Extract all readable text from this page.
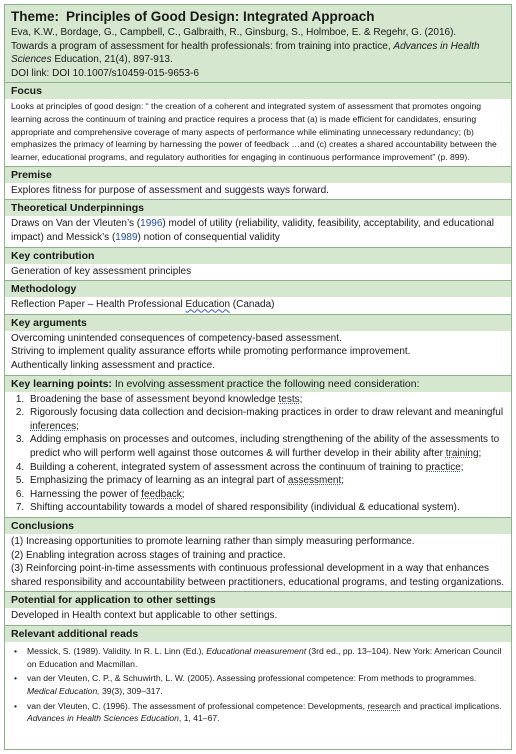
Theme: Principles of Good Design: Integrated Approach

Eva, K.W., Bordage, G., Campbell, C., Galbraith, R., Ginsburg, S., Holmboe, E. & Regehr, G. (2016).

Towards a program of assessment for health professionals: from training into practice, Advances in Health Sciences Education, 21(4), 897-913.

DOI link: DOI 10.1007/s10459-015-9653-6

Focus

Looks at principles of good design: “ the creation of a coherent and integrated system of assessment that promotes ongoing learning across the continuum of training and practice requires a process that (a) is made efficient for candidates, ensuring appropriate and comprehensive coverage of many aspects of performance while eliminating unnecessary redundancy; (b) emphasizes the primacy of learning by harnessing the power of feedback …and (c) creates a shared accountability between the learner, educational programs, and regulatory authorities for engaging in continuous performance improvement” (p. 899).

Premise

Explores fitness for purpose of assessment and suggests ways forward.

Theoretical Underpinnings

Draws on Van der Vleuten’s (1996) model of utility (reliability, validity, feasibility, acceptability, and educational impact) and Messick’s (1989) notion of consequential validity

Key contribution

Generation of key assessment principles

Methodology

Reflection Paper – Health Professional Education (Canada)

Key arguments

Overcoming unintended consequences of competency-based assessment.

Striving to implement quality assurance efforts while promoting performance improvement.

Authentically linking assessment and practice.

Key learning points: In evolving assessment practice the following need consideration:
1. Broadening the base of assessment beyond knowledge tests;
2. Rigorously focusing data collection and decision-making practices in order to draw relevant and meaningful inferences;
3. Adding emphasis on processes and outcomes, including strengthening of the ability of the assessments to predict who will perform well against those outcomes & will further develop in their ability after training;
4. Building a coherent, integrated system of assessment across the continuum of training to practice;
5. Emphasizing the primacy of learning as an integral part of assessment;
6. Harnessing the power of feedback;
7. Shifting accountability towards a model of shared responsibility (individual & educational system).
Conclusions

(1) Increasing opportunities to promote learning rather than simply measuring performance.

(2) Enabling integration across stages of training and practice.

(3) Reinforcing point-in-time assessments with continuous professional development in a way that enhances shared responsibility and accountability between practitioners, educational programs, and testing organizations.

Potential for application to other settings

Developed in Health context but applicable to other settings.

Relevant additional reads
• Messick, S. (1989). Validity. In R. L. Linn (Ed.), Educational measurement (3rd ed., pp. 13–104). New York: American Council on Education and Macmillan.
• van der Vleuten, C. P., & Schuwirth, L. W. (2005). Assessing professional competence: From methods to programmes. Medical Education, 39(3), 309–317.
• van der Vleuten, C. (1996). The assessment of professional competence: Developments, research and practical implications. Advances in Health Sciences Education, 1, 41–67.
